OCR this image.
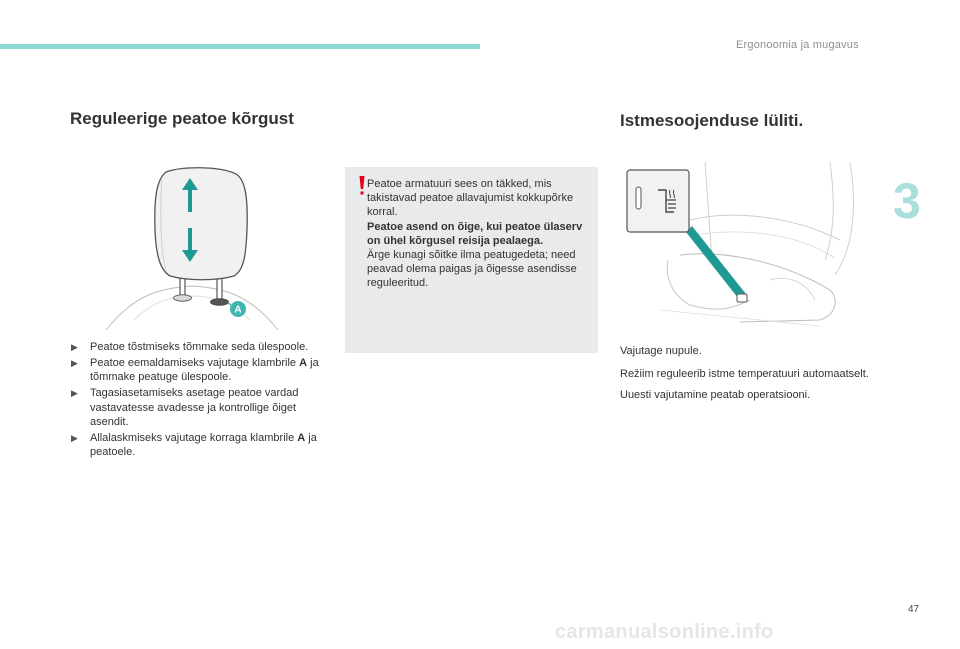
Ergonoomia ja mugavus
3
Reguleerige peatoe kõrgust
A
▶ Peatoe tõstmiseks tõmmake seda ülespoole.
▶ Peatoe eemaldamiseks vajutage klambrile A ja tõmmake peatuge ülespoole.
▶ Tagasiasetamiseks asetage peatoe vardad vastavatesse avadesse ja kontrollige õiget asendit.
▶ Allalaskmiseks vajutage korraga klambrile A ja peatoele.

Peatoe armatuuri sees on täkked, mis takistavad peatoe allavajumist kokkupõrke korral.

Peatoe asend on õige, kui peatoe ülaserv on ühel kõrgusel reisija pealaega.

Ärge kunagi sõitke ilma peatugedeta; need peavad olema paigas ja õigesse asendisse reguleeritud.

Istmesoojenduse lüliti.

Vajutage nupule.

Režiim reguleerib istme temperatuuri automaatselt.

Uuesti vajutamine peatab operatsiooni.

47
carmanualsonline.info
